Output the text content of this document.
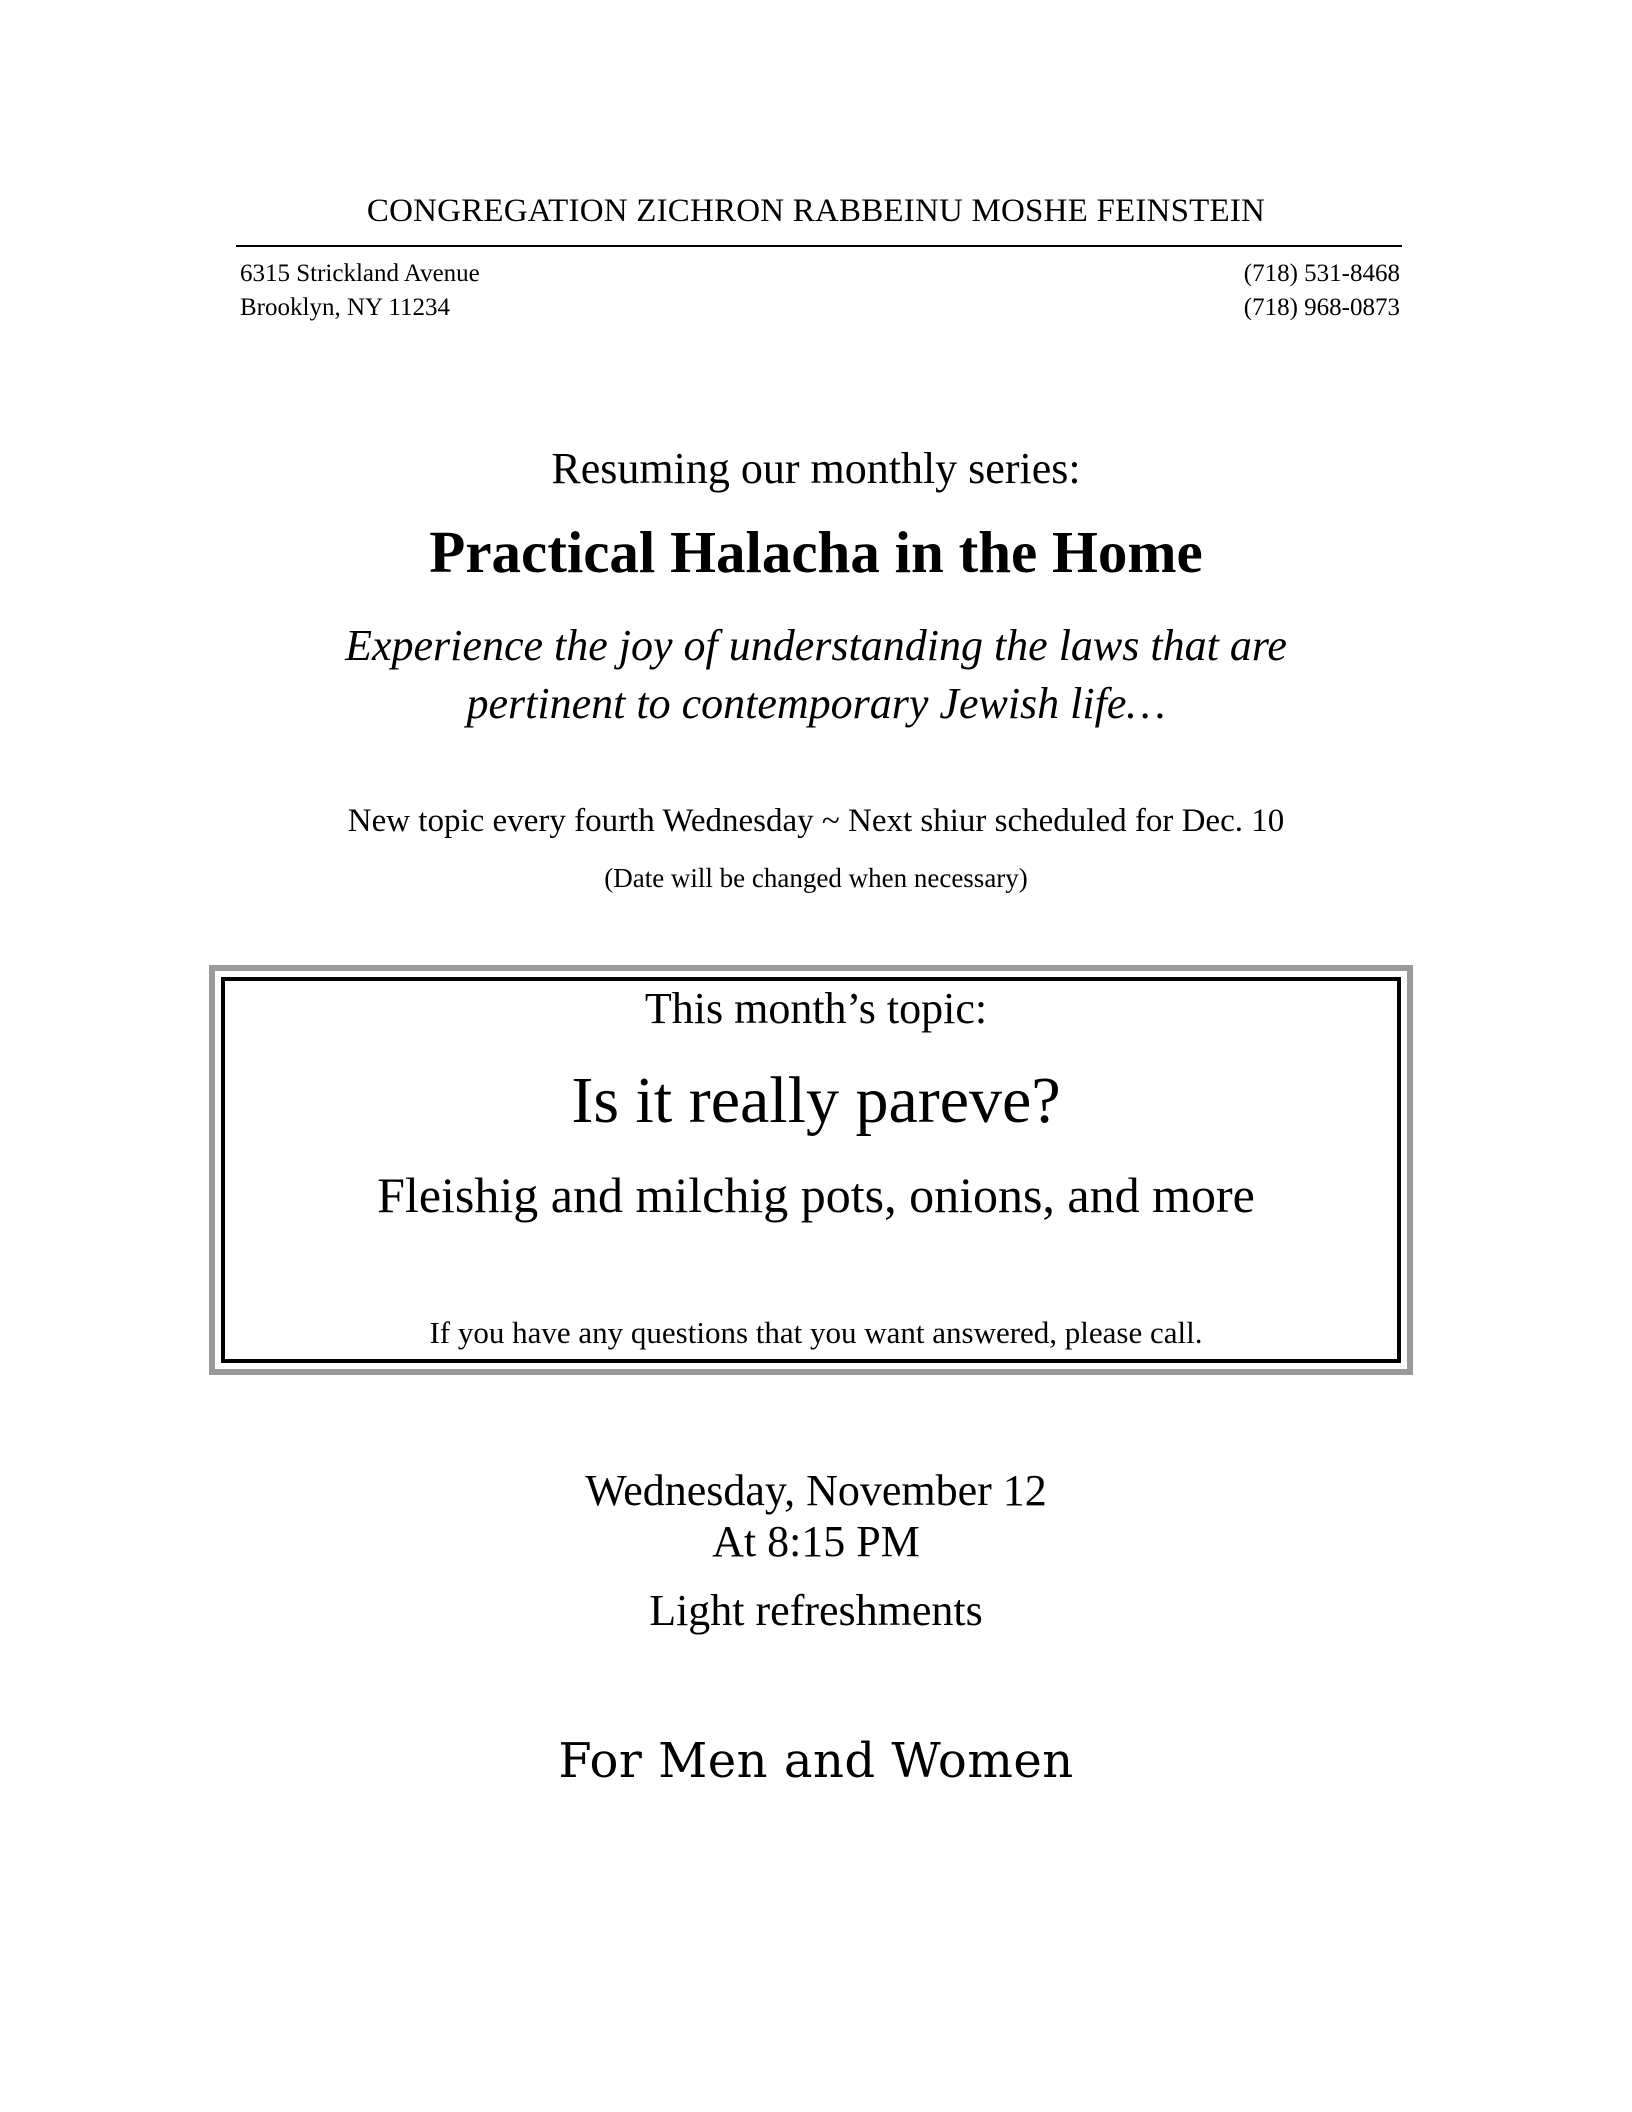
CONGREGATION ZICHRON RABBEINU MOSHE FEINSTEIN
6315 Strickland Avenue
Brooklyn, NY 11234
(718) 531-8468
(718) 968-0873
Resuming our monthly series:
Practical Halacha in the Home
Experience the joy of understanding the laws that are
pertinent to contemporary Jewish life…
New topic every fourth Wednesday ~ Next shiur scheduled for Dec. 10
(Date will be changed when necessary)
This month’s topic:
Is it really pareve?
Fleishig and milchig pots, onions, and more
If you have any questions that you want answered, please call.
Wednesday, November 12
At 8:15 PM
Light refreshments
For Men and Women
